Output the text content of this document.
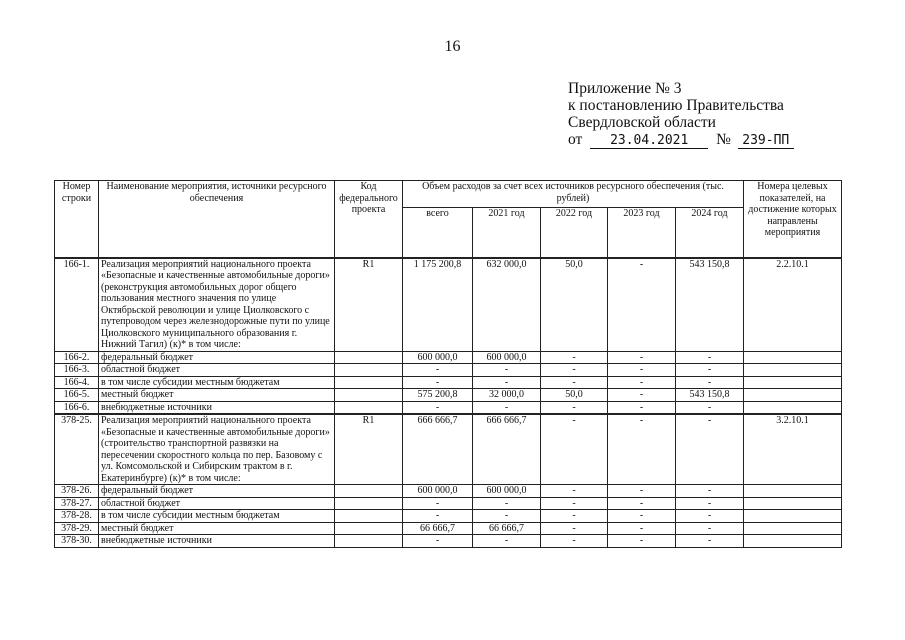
16
Приложение № 3
к постановлению Правительства
Свердловской области
от 23.04.2021 № 239-ПП
Номер строки	Наименование мероприятия, источники ресурсного обеспечения	Код федерального проекта	Объем расходов за счет всех источников ресурсного обеспечения (тыс. рублей)					Номера целевых показателей, на достижение которых направлены мероприятия
			всего	2021 год	2022 год	2023 год	2024 год	
166-1.	Реализация мероприятий национального проекта «Безопасные и качественные автомобильные дороги» (реконструкция автомобильных дорог общего пользования местного значения по улице Октябрьской революции и улице Циолковского с путепроводом через железнодорожные пути по улице Циолковского муниципального образования г. Нижний Тагил) (к)* в том числе:	R1	1 175 200,8	632 000,0	50,0	-	543 150,8	2.2.10.1
166-2.	федеральный бюджет		600 000,0	600 000,0	-	-	-	
166-3.	областной бюджет		-	-	-	-	-	
166-4.	в том числе субсидии местным бюджетам		-	-	-	-	-	
166-5.	местный бюджет		575 200,8	32 000,0	50,0	-	543 150,8	
166-6.	внебюджетные источники		-	-	-	-	-	
378-25.	Реализация мероприятий национального проекта «Безопасные и качественные автомобильные дороги» (строительство транспортной развязки на пересечении скоростного кольца по пер. Базовому с ул. Комсомольской и Сибирским трактом в г. Екатеринбурге) (к)* в том числе:	R1	666 666,7	666 666,7	-	-	-	3.2.10.1
378-26.	федеральный бюджет		600 000,0	600 000,0	-	-	-	
378-27.	областной бюджет		-	-	-	-	-	
378-28.	в том числе субсидии местным бюджетам		-	-	-	-	-	
378-29.	местный бюджет		66 666,7	66 666,7	-	-	-	
378-30.	внебюджетные источники		-	-	-	-	-	
